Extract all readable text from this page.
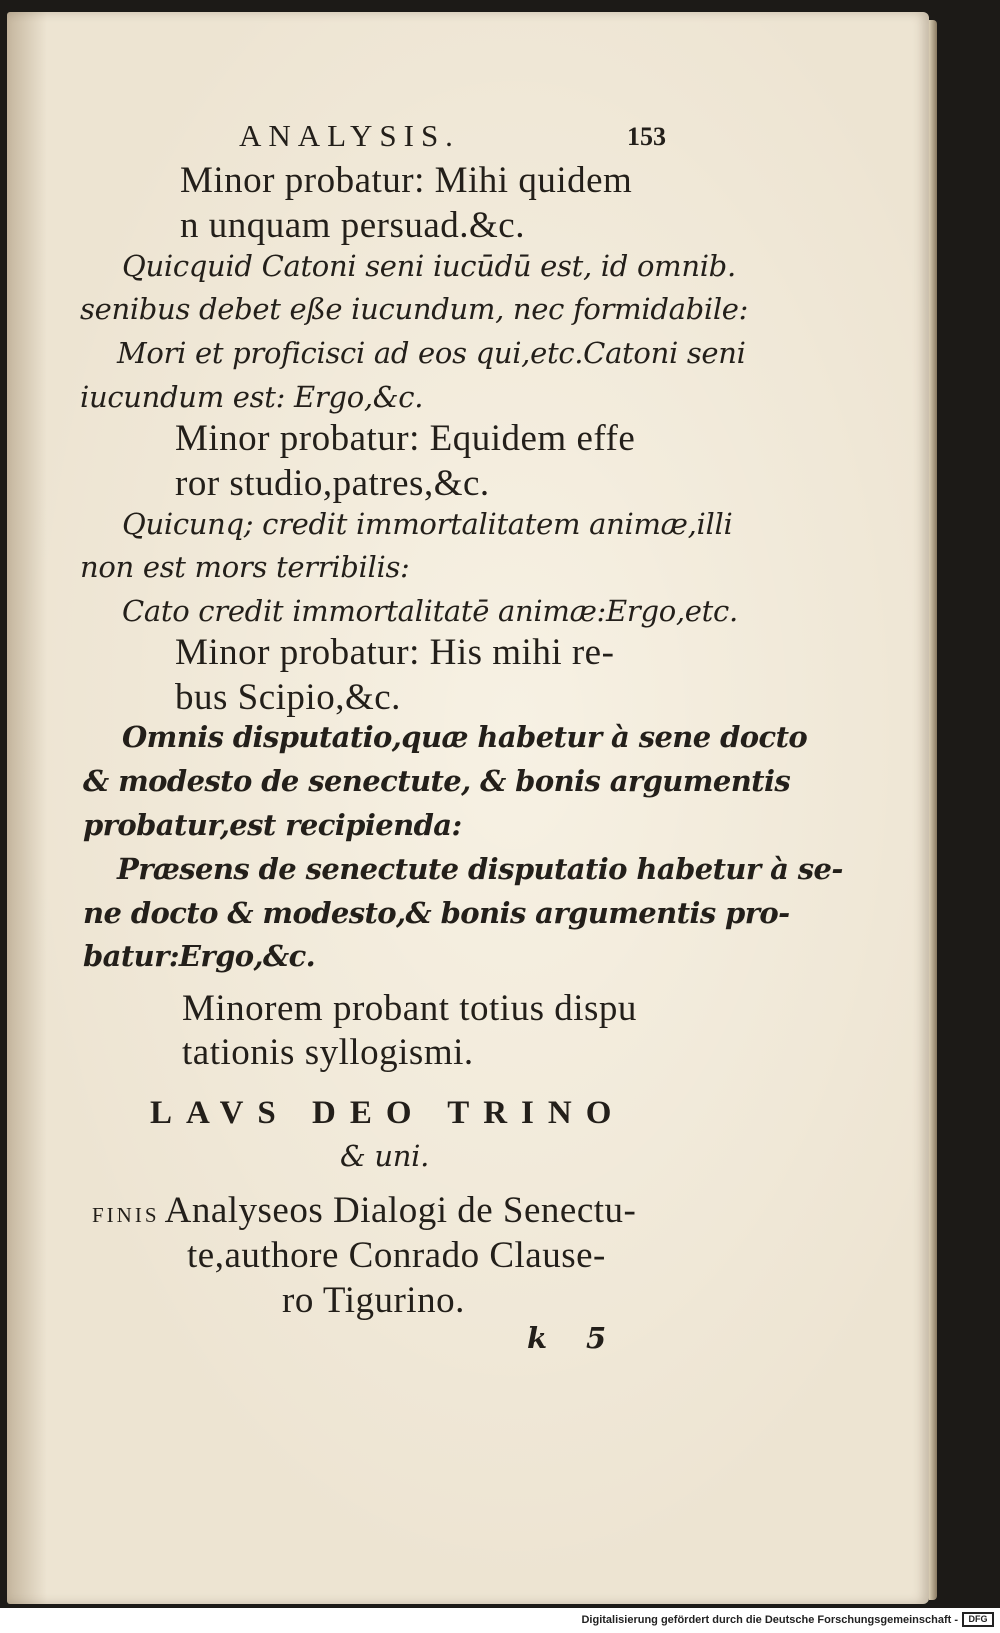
ANALYSIS.	153
Minor probatur: Mihi quidem
n unquam persuad.&c.
Quicquid Catoni seni iucūdū est, id omnib.
senibus debet eße iucundum, nec formidabile:
Mori et proficisci ad eos qui,etc.Catoni seni
iucundum est: Ergo,&c.
Minor probatur: Equidem effe
ror studio,patres,&c.
Quicunq; credit immortalitatem animæ,illi
non est mors terribilis:
Cato credit immortalitatē animæ:Ergo,etc.
Minor probatur: His mihi re-
bus Scipio,&c.
Omnis disputatio,quæ habetur à sene docto
& modesto de senectute, & bonis argumentis
probatur,est recipienda:
Præsens de senectute disputatio habetur à se-
ne docto & modesto,& bonis argumentis pro-
batur:Ergo,&c.
Minorem probant totius dispu
tationis syllogismi.
LAVS DEO TRINO
& uni.
FINIS Analyseos Dialogi de Senectu-
te,authore Conrado Clause-
ro Tigurino.
k 5
Digitalisierung gefördert durch die Deutsche Forschungsgemeinschaft -	DFG
